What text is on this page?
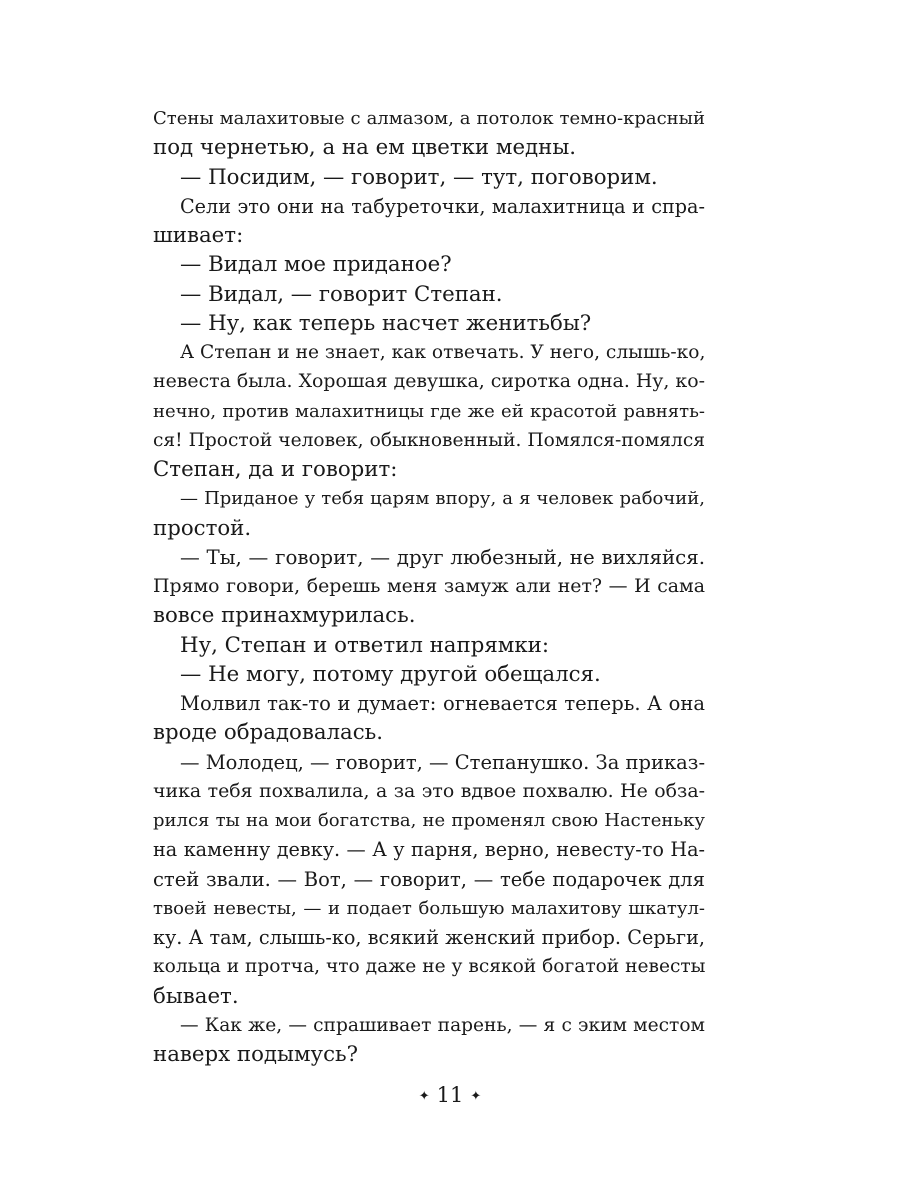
Стены малахитовые с алмазом, а потолок темно-красный
под чернетью, а на ем цветки медны.
— Посидим, — говорит, — тут, поговорим.
Сели это они на табуреточки, малахитница и спра-
шивает:
— Видал мое приданое?
— Видал, — говорит Степан.
— Ну, как теперь насчет женитьбы?
А Степан и не знает, как отвечать. У него, слышь-ко,
невеста была. Хорошая девушка, сиротка одна. Ну, ко-
нечно, против малахитницы где же ей красотой равнять-
ся! Простой человек, обыкновенный. Помялся-помялся
Степан, да и говорит:
— Приданое у тебя царям впору, а я человек рабочий,
простой.
— Ты, — говорит, — друг любезный, не вихляйся.
Прямо говори, берешь меня замуж али нет? — И сама
вовсе принахмурилась.
Ну, Степан и ответил напрямки:
— Не могу, потому другой обещался.
Молвил так-то и думает: огневается теперь. А она
вроде обрадовалась.
— Молодец, — говорит, — Степанушко. За приказ-
чика тебя похвалила, а за это вдвое похвалю. Не обза-
рился ты на мои богатства, не променял свою Настеньку
на каменну девку. — А у парня, верно, невесту-то На-
стей звали. — Вот, — говорит, — тебе подарочек для
твоей невесты, — и подает большую малахитову шкатул-
ку. А там, слышь-ко, всякий женский прибор. Серьги,
кольца и протча, что даже не у всякой богатой невесты
бывает.
— Как же, — спрашивает парень, — я с эким местом
наверх подымусь?
✦ 11 ✦
